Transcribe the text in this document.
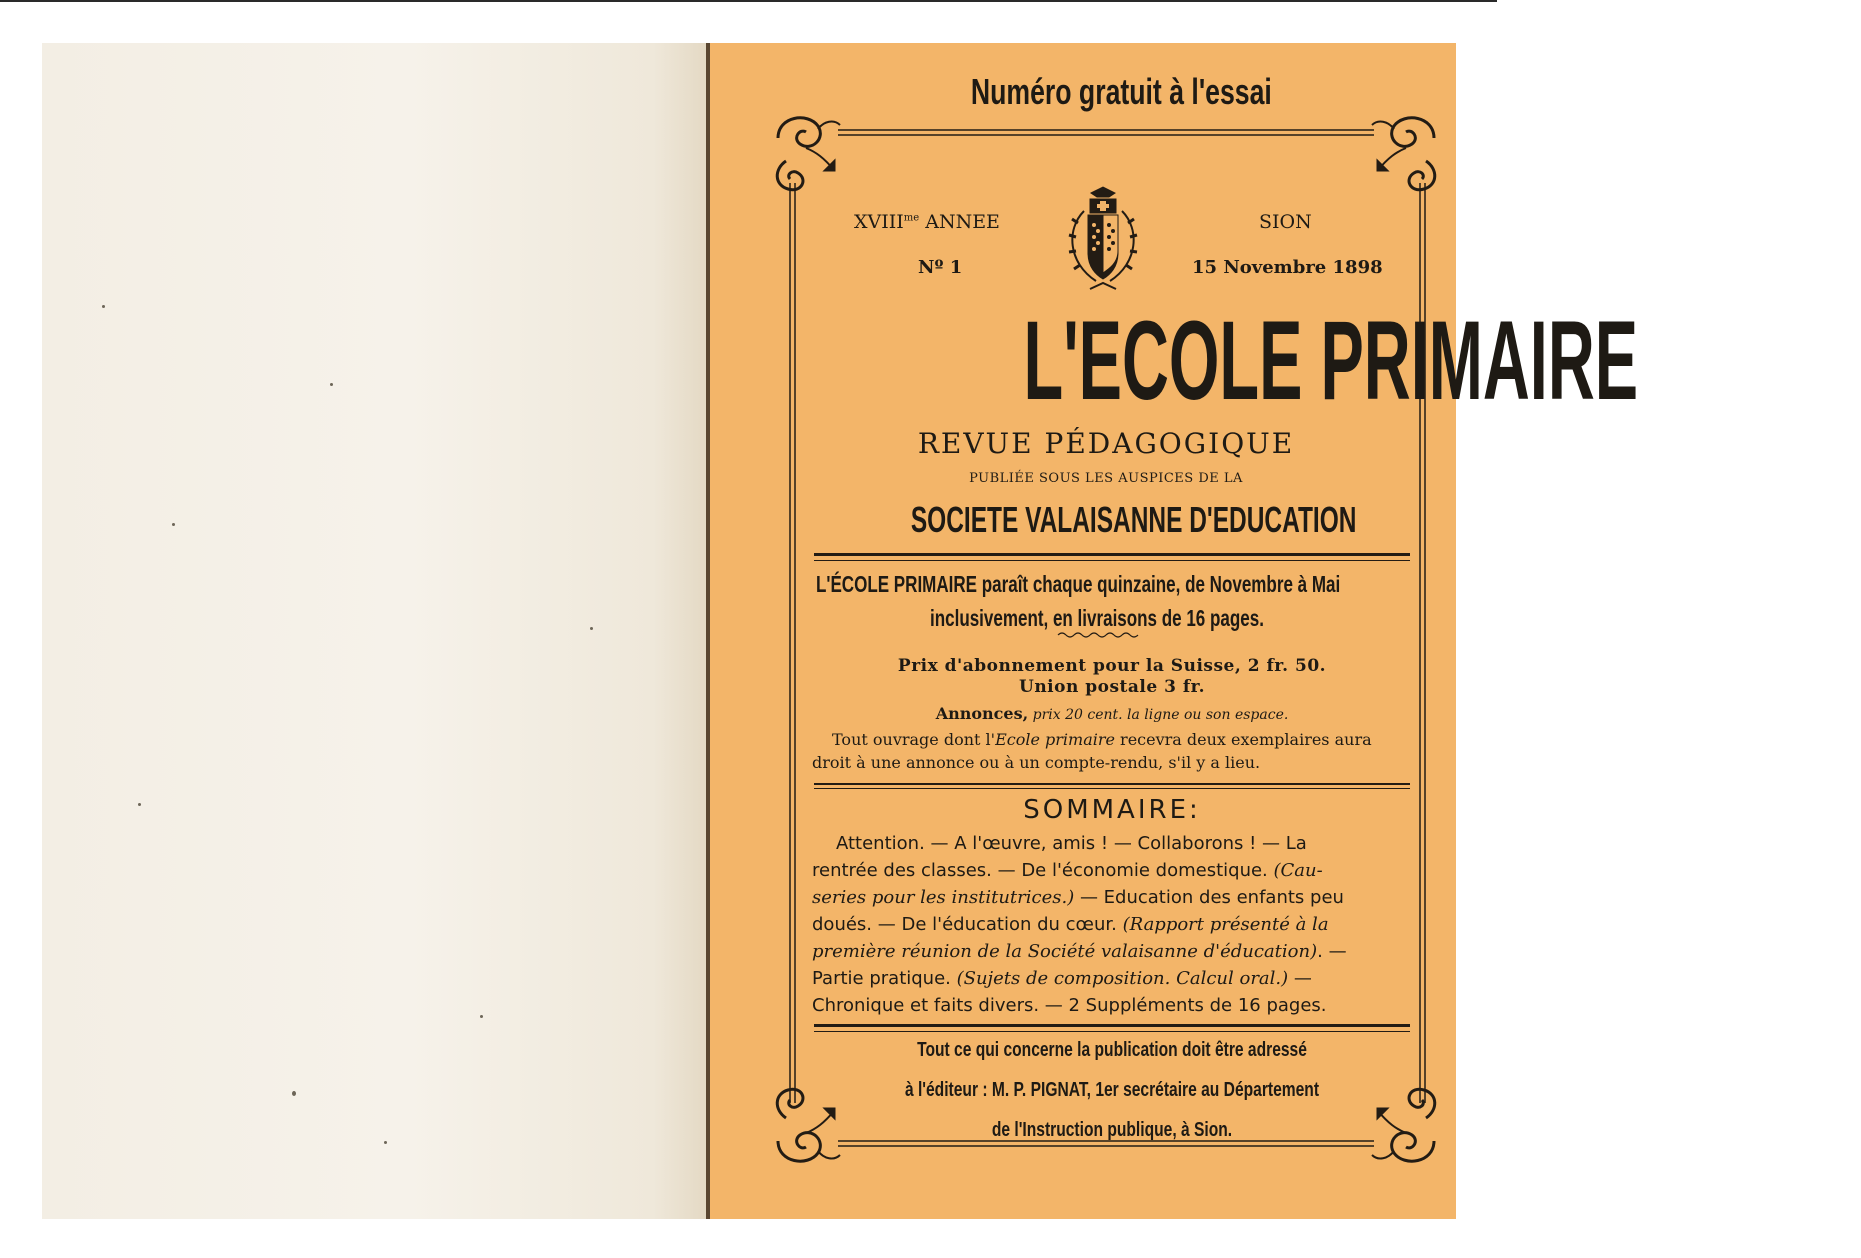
Numéro gratuit à l'essai
$XVIII^{me}$ ANNEE	SION
Nº 1	15 Novembre 1898
L'ECOLE PRIMAIRE
REVUE PÉDAGOGIQUE
PUBLIÉE SOUS LES AUSPICES DE LA
SOCIETE VALAISANNE D'EDUCATION
L'ÉCOLE PRIMAIRE paraît chaque quinzaine, de Novembre à Mai
inclusivement, en livraisons de 16 pages.
Prix d'abonnement pour la Suisse, 2 fr. 50.
Union postale 3 fr.
Annonces, prix 20 cent. la ligne ou son espace.
Tout ouvrage dont l'Ecole primaire recevra deux exemplaires aura
droit à une annonce ou à un compte-rendu, s'il y a lieu.
SOMMAIRE:
Attention. — A l'œuvre, amis ! — Collaborons ! — La
rentrée des classes. — De l'économie domestique. (Cau-
series pour les institutrices.) — Education des enfants peu
doués. — De l'éducation du cœur. (Rapport présenté à la
première réunion de la Société valaisanne d'éducation). —
Partie pratique. (Sujets de composition. Calcul oral.) —
Chronique et faits divers. — 2 Suppléments de 16 pages.
Tout ce qui concerne la publication doit être adressé

à l'éditeur : M. P. PIGNAT, 1er secrétaire au Département

de l'Instruction publique, à Sion.
